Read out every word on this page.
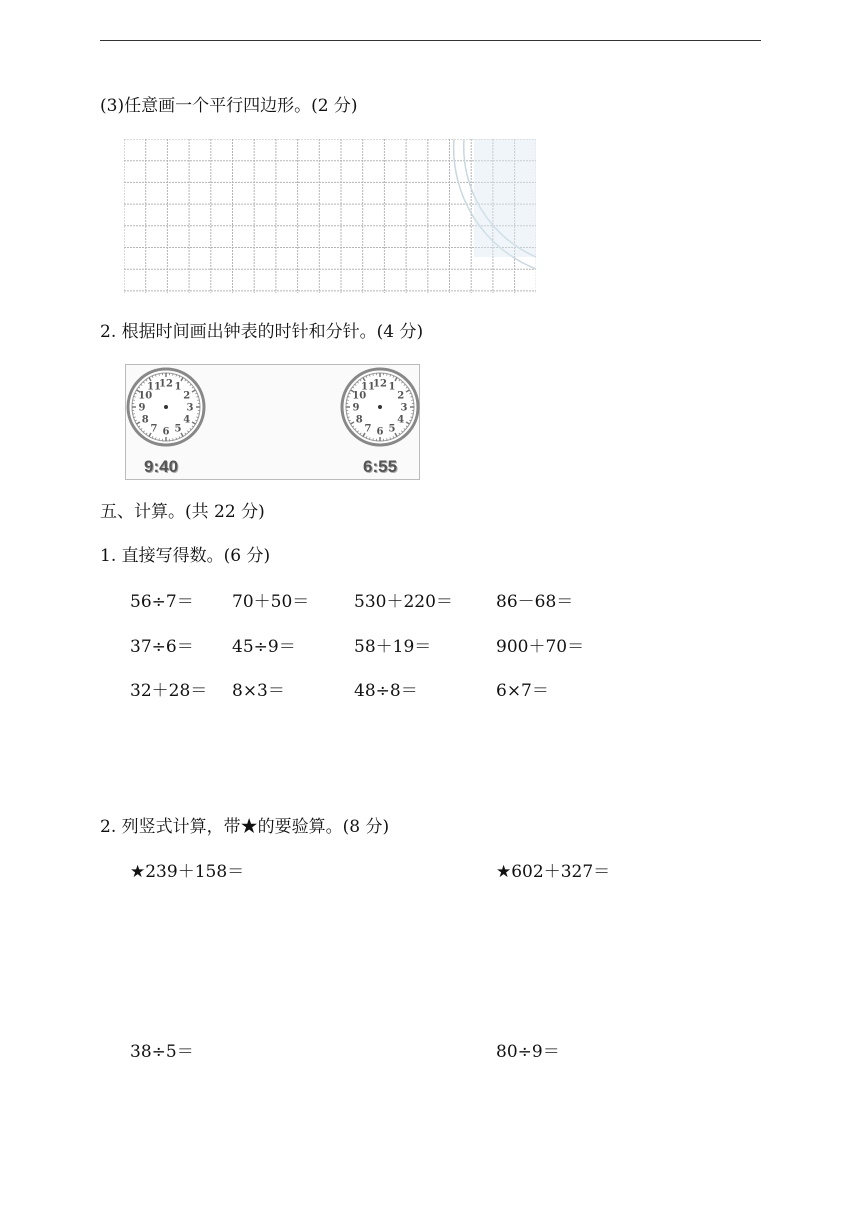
(3)任意画一个平行四边形。(2 分)
2. 根据时间画出钟表的时针和分针。(4 分)
12 1
2
3
4
5
6
7
8
9
10
11	12 1
2
3
4
5
6
7
8
9
10
11
9:40	6:55
五、计算。(共 22 分)
1. 直接写得数。(6 分)
56÷7＝ 70＋50＝	530＋220＝	86－68＝
37÷6＝ 45÷9＝	58＋19＝	900＋70＝
32＋28＝ 8×3＝	48÷8＝	6×7＝
2. 列竖式计算，带★的要验算。(8 分)
★239＋158＝	★602＋327＝
38÷5＝	80÷9＝
